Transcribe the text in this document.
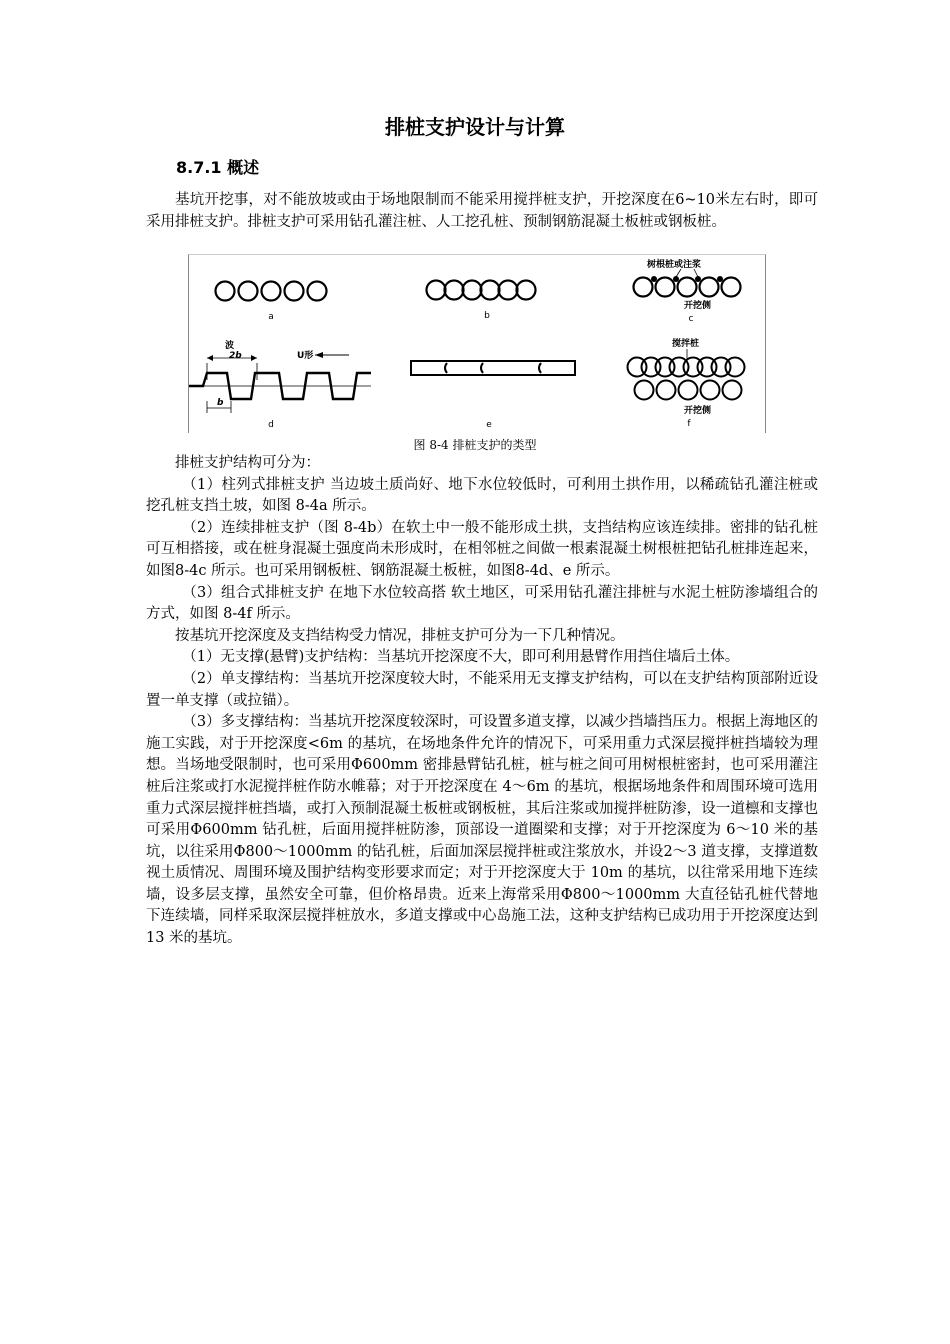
排桩支护设计与计算
8.7.1 概述

基坑开挖事，对不能放坡或由于场地限制而不能采用搅拌桩支护，开挖深度在6~10米左右时，即可采用排桩支护。排桩支护可采用钻孔灌注桩、人工挖孔桩、预制钢筋混凝土板桩或钢板桩。

a	b
树根桩或注浆
开挖侧
c
波
2b	U形
b
d	e
搅拌桩
开挖侧
f
图 8-4 排桩支护的类型

排桩支护结构可分为：

（1）柱列式排桩支护 当边坡土质尚好、地下水位较低时，可利用土拱作用，以稀疏钻孔灌注桩或挖孔桩支挡土坡，如图 8-4a 所示。

（2）连续排桩支护（图 8-4b）在软土中一般不能形成土拱，支挡结构应该连续排。密排的钻孔桩可互相搭接，或在桩身混凝土强度尚未形成时，在相邻桩之间做一根素混凝土树根桩把钻孔桩排连起来，如图8-4c 所示。也可采用钢板桩、钢筋混凝土板桩，如图8-4d、e 所示。

（3）组合式排桩支护 在地下水位较高搭 软土地区，可采用钻孔灌注排桩与水泥土桩防渗墙组合的方式，如图 8-4f 所示。

按基坑开挖深度及支挡结构受力情况，排桩支护可分为一下几种情况。

（1）无支撑(悬臂)支护结构：当基坑开挖深度不大，即可利用悬臂作用挡住墙后土体。

（2）单支撑结构：当基坑开挖深度较大时，不能采用无支撑支护结构，可以在支护结构顶部附近设置一单支撑（或拉锚）。

（3）多支撑结构：当基坑开挖深度较深时，可设置多道支撑，以减少挡墙挡压力。根据上海地区的施工实践，对于开挖深度<6m 的基坑，在场地条件允许的情况下，可采用重力式深层搅拌桩挡墙较为理想。当场地受限制时，也可采用Φ600mm 密排悬臂钻孔桩，桩与桩之间可用树根桩密封，也可采用灌注桩后注浆或打水泥搅拌桩作防水帷幕；对于开挖深度在 4～6m 的基坑，根据场地条件和周围环境可选用重力式深层搅拌桩挡墙，或打入预制混凝土板桩或钢板桩，其后注浆或加搅拌桩防渗，设一道檩和支撑也可采用Φ600mm 钻孔桩，后面用搅拌桩防渗，顶部设一道圈梁和支撑；对于开挖深度为 6～10 米的基坑，以往采用Φ800～1000mm 的钻孔桩，后面加深层搅拌桩或注浆放水，并设2～3 道支撑，支撑道数视土质情况、周围环境及围护结构变形要求而定；对于开挖深度大于 10m 的基坑，以往常采用地下连续墙，设多层支撑，虽然安全可靠，但价格昂贵。近来上海常采用Φ800～1000mm 大直径钻孔桩代替地下连续墙，同样采取深层搅拌桩放水，多道支撑或中心岛施工法，这种支护结构已成功用于开挖深度达到 13 米的基坑。
